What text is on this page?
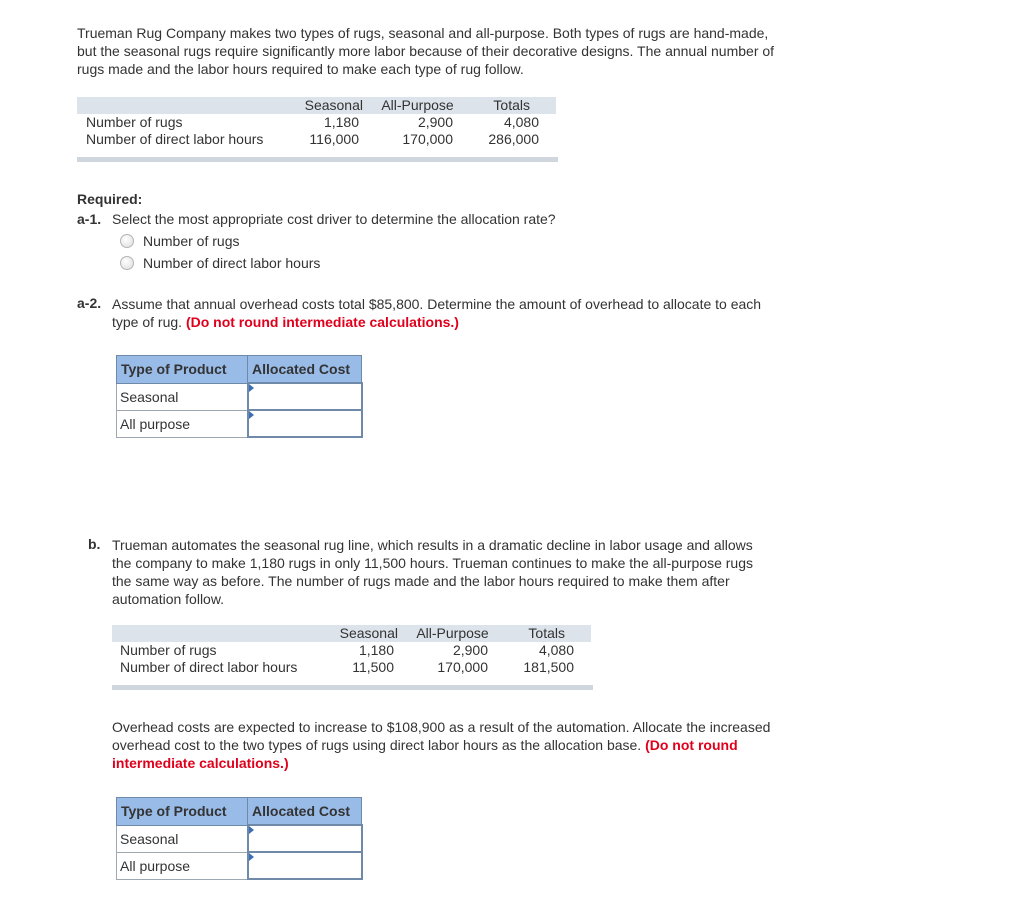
Trueman Rug Company makes two types of rugs, seasonal and all-purpose. Both types of rugs are hand-made, but the seasonal rugs require significantly more labor because of their decorative designs. The annual number of rugs made and the labor hours required to make each type of rug follow.
	Seasonal	All-Purpose	Totals
Number of rugs	1,180	2,900	4,080
Number of direct labor hours	116,000	170,000	286,000
Required:
a-1. Select the most appropriate cost driver to determine the allocation rate?
Number of rugs
Number of direct labor hours
a-2. Assume that annual overhead costs total $85,800. Determine the amount of overhead to allocate to each type of rug. (Do not round intermediate calculations.)
Type of Product	Allocated Cost
Seasonal	

All purpose	
b. Trueman automates the seasonal rug line, which results in a dramatic decline in labor usage and allows the company to make 1,180 rugs in only 11,500 hours. Trueman continues to make the all-purpose rugs the same way as before. The number of rugs made and the labor hours required to make them after automation follow.
	Seasonal	All-Purpose	Totals
Number of rugs	1,180	2,900	4,080
Number of direct labor hours	11,500	170,000	181,500
Overhead costs are expected to increase to $108,900 as a result of the automation. Allocate the increased overhead cost to the two types of rugs using direct labor hours as the allocation base. (Do not round intermediate calculations.)
Type of Product	Allocated Cost
Seasonal	

All purpose	
